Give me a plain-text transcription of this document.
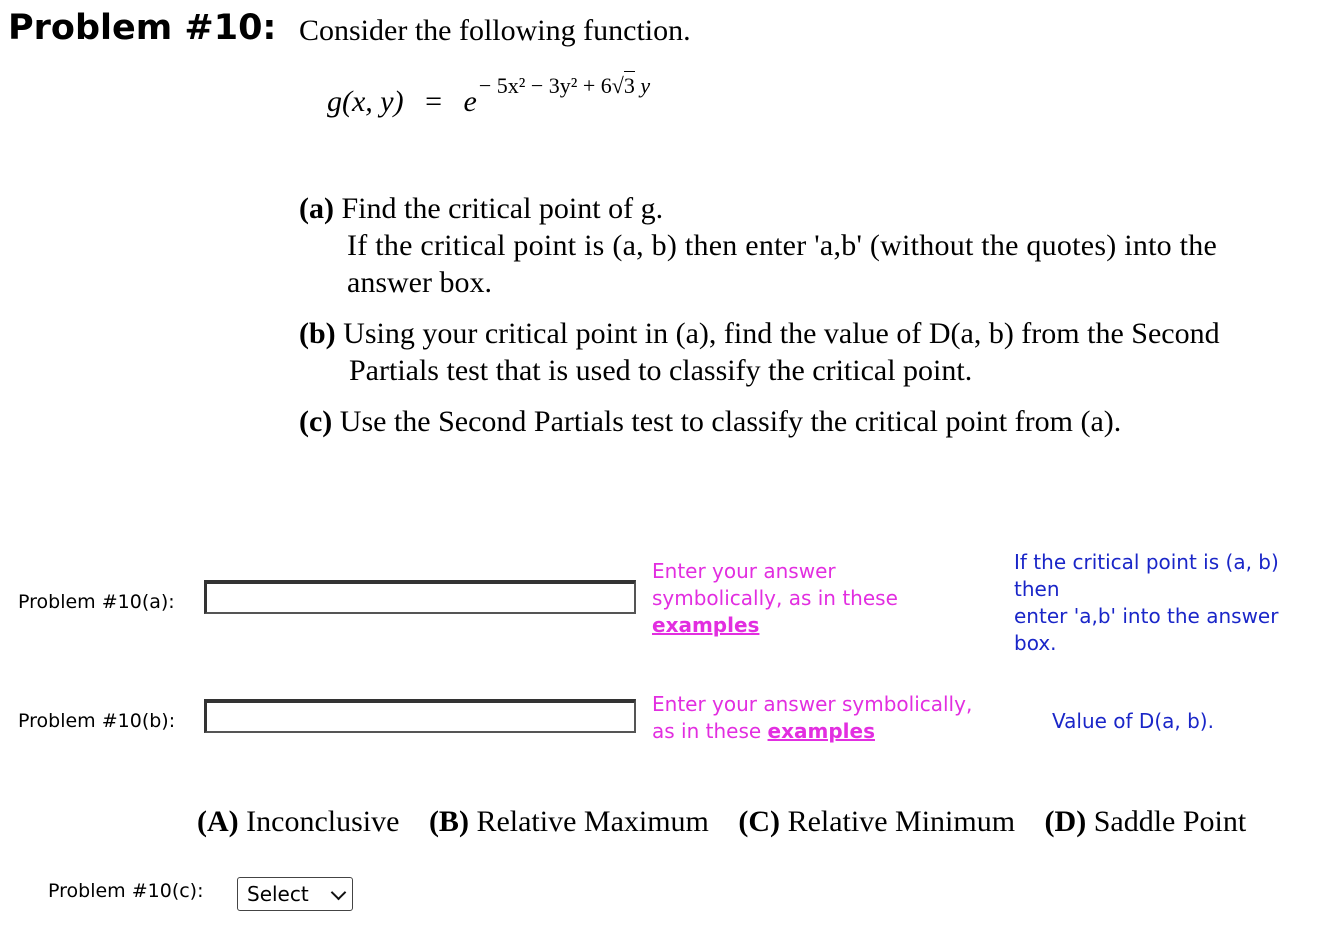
Problem #10: Consider the following function.
g(x, $y) = e^{- 5x^2 - 3y^2 + 6√3 y}$
(a) Find the critical point of g.
If the critical point is (a, b) then enter 'a,b' (without the quotes) into the
answer box.
(b) Using your critical point in (a), find the value of D(a, b) from the Second
Partials test that is used to classify the critical point.
(c) Use the Second Partials test to classify the critical point from (a).
Problem #10(a):
Enter your answer
symbolically, as in these
examples
If the critical point is (a, b)
then
enter 'a,b' into the answer
box.
Problem #10(b):
Enter your answer symbolically,
as in these examples	Value of D(a, b).
(A) Inconclusive (B) Relative Maximum (C) Relative Minimum (D) Saddle Point
Problem #10(c):	Select
